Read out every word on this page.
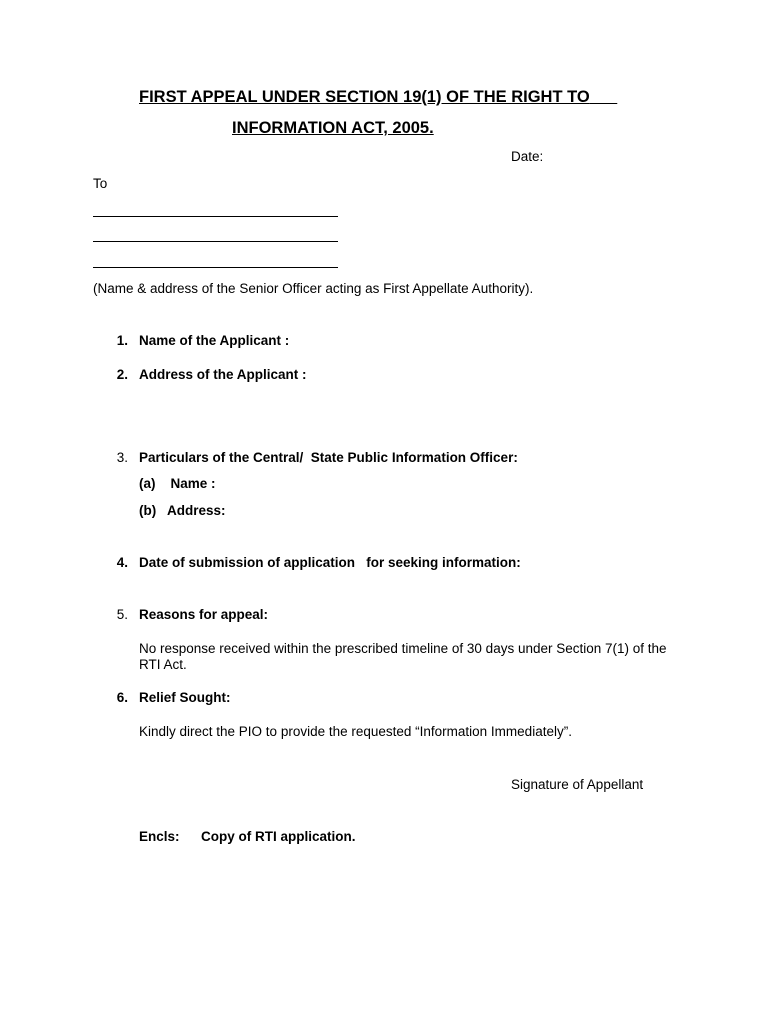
FIRST APPEAL UNDER SECTION 19(1) OF THE RIGHT TO
INFORMATION ACT, 2005.
Date:
To
(Name & address of the Senior Officer acting as First Appellate Authority).
1. Name of the Applicant :
2. Address of the Applicant :
3. Particulars of the Central/  State Public Information Officer:
(a)    Name :
(b)   Address:
4. Date of submission of application   for seeking information:
5. Reasons for appeal:
No response received within the prescribed timeline of 30 days under Section 7(1) of the RTI Act.
6. Relief Sought:
Kindly direct the PIO to provide the requested “Information Immediately”.
Signature of Appellant
Encls: Copy of RTI application.
